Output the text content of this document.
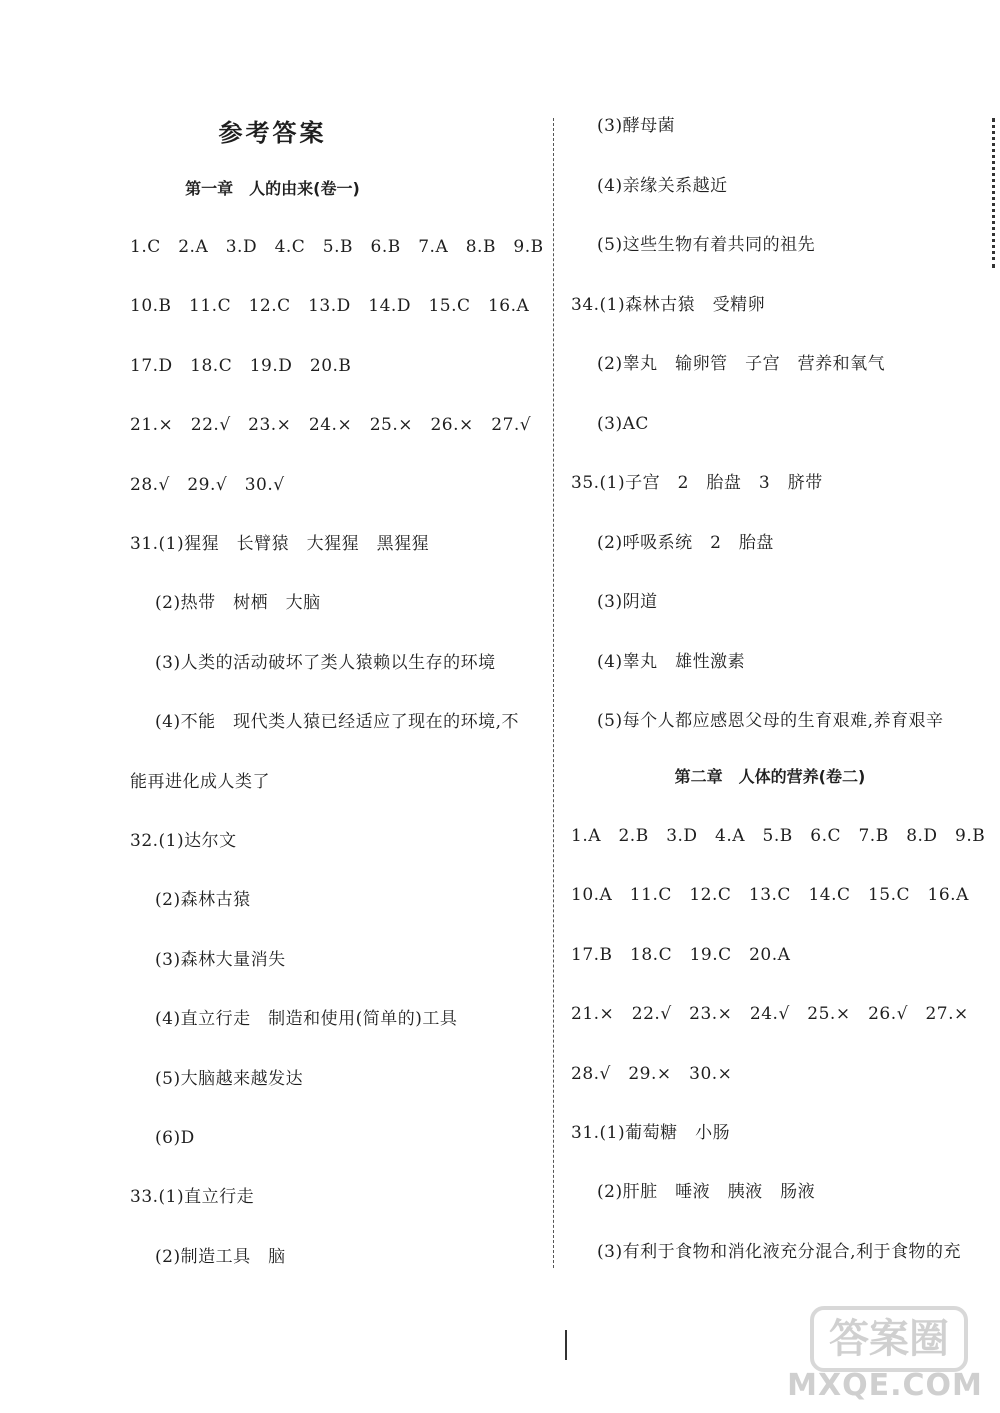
参考答案
第一章　人的由来(卷一)
1.C　2.A　3.D　4.C　5.B　6.B　7.A　8.B　9.B
10.B　11.C　12.C　13.D　14.D　15.C　16.A
17.D　18.C　19.D　20.B
21.×　22.√　23.×　24.×　25.×　26.×　27.√
28.√　29.√　30.√
31.(1)猩猩　长臂猿　大猩猩　黑猩猩
(2)热带　树栖　大脑
(3)人类的活动破坏了类人猿赖以生存的环境
(4)不能　现代类人猿已经适应了现在的环境,不
能再进化成人类了
32.(1)达尔文
(2)森林古猿
(3)森林大量消失
(4)直立行走　制造和使用(简单的)工具
(5)大脑越来越发达
(6)D
33.(1)直立行走
(2)制造工具　脑
(3)酵母菌
(4)亲缘关系越近
(5)这些生物有着共同的祖先
34.(1)森林古猿　受精卵
(2)睾丸　输卵管　子宫　营养和氧气
(3)AC
35.(1)子宫　2　胎盘　3　脐带
(2)呼吸系统　2　胎盘
(3)阴道
(4)睾丸　雄性激素
(5)每个人都应感恩父母的生育艰难,养育艰辛
第二章　人体的营养(卷二)
1.A　2.B　3.D　4.A　5.B　6.C　7.B　8.D　9.B
10.A　11.C　12.C　13.C　14.C　15.C　16.A
17.B　18.C　19.C　20.A
21.×　22.√　23.×　24.√　25.×　26.√　27.×
28.√　29.×　30.×
31.(1)葡萄糖　小肠
(2)肝脏　唾液　胰液　肠液
(3)有利于食物和消化液充分混合,利于食物的充
答案圈
MXQE.COM
